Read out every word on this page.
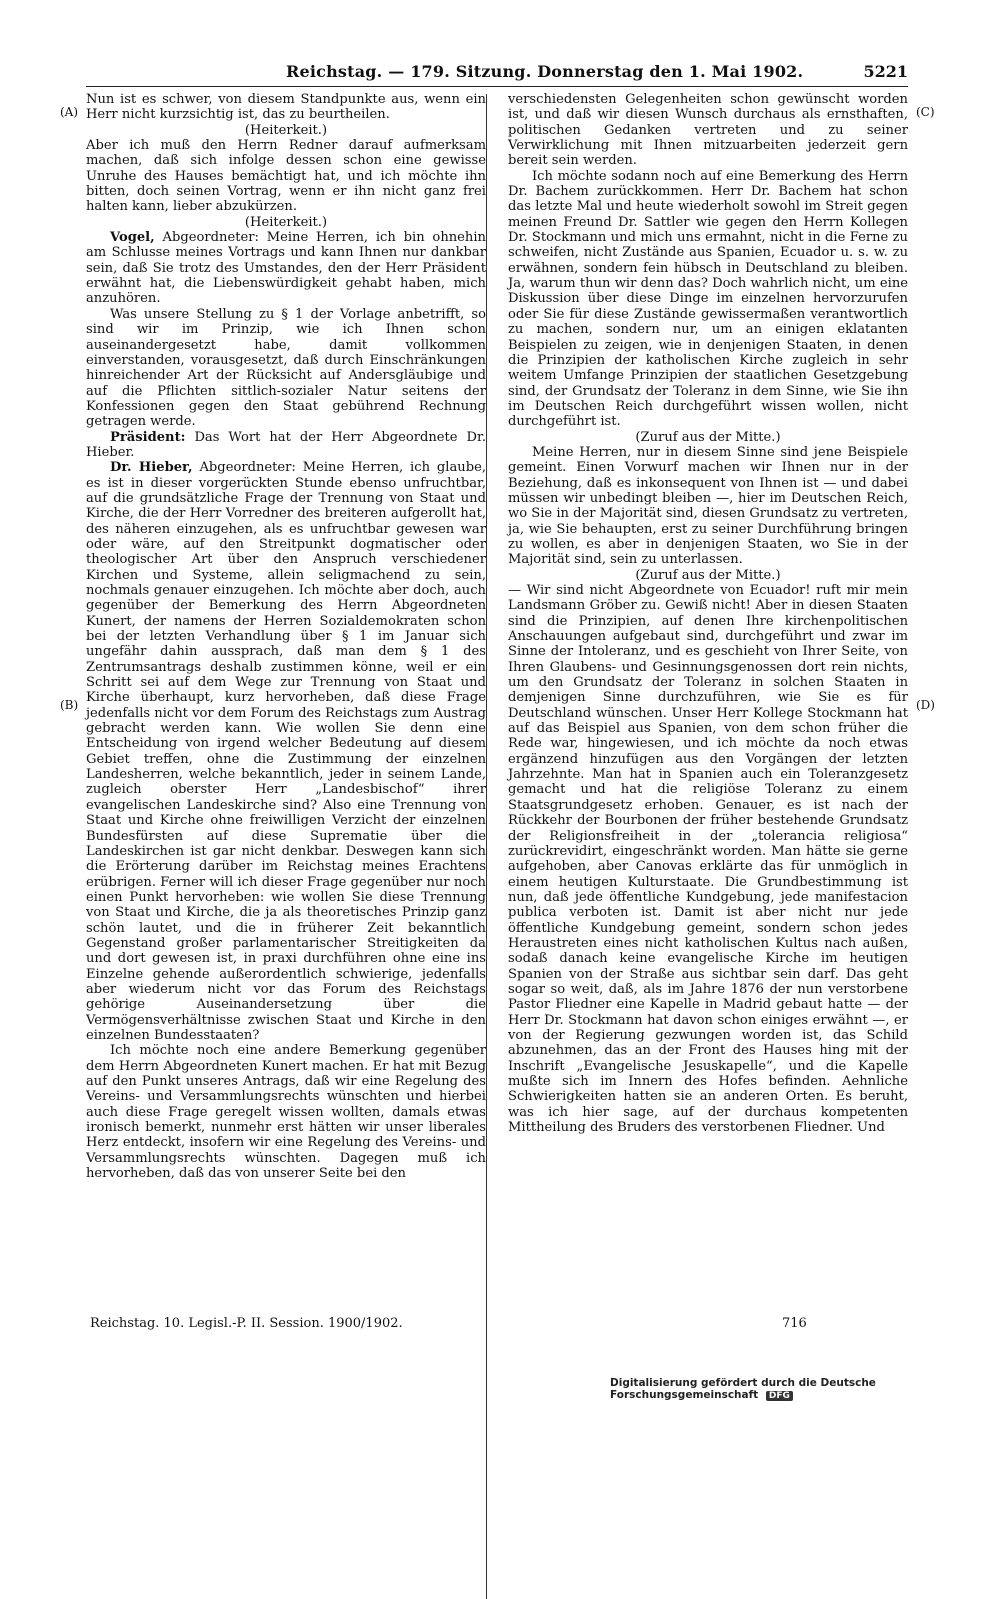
Reichstag. — 179. Sitzung. Donnerstag den 1. Mai 1902.	5221
(A)
(B)
(C)
(D)

Nun ist es schwer, von diesem Standpunkte aus, wenn ein Herr nicht kurzsichtig ist, das zu beurtheilen.

(Heiterkeit.)

Aber ich muß den Herrn Redner darauf aufmerksam machen, daß sich infolge dessen schon eine gewisse Unruhe des Hauses bemächtigt hat, und ich möchte ihn bitten, doch seinen Vortrag, wenn er ihn nicht ganz frei halten kann, lieber abzukürzen.

(Heiterkeit.)

Vogel, Abgeordneter: Meine Herren, ich bin ohnehin am Schlusse meines Vortrags und kann Ihnen nur dankbar sein, daß Sie trotz des Umstandes, den der Herr Präsident erwähnt hat, die Liebenswürdigkeit gehabt haben, mich anzuhören.

Was unsere Stellung zu § 1 der Vorlage anbetrifft, so sind wir im Prinzip, wie ich Ihnen schon auseinandergesetzt habe, damit vollkommen einverstanden, vorausgesetzt, daß durch Einschränkungen hinreichender Art der Rücksicht auf Andersgläubige und auf die Pflichten sittlich-sozialer Natur seitens der Konfessionen gegen den Staat gebührend Rechnung getragen werde.

Präsident: Das Wort hat der Herr Abgeordnete Dr. Hieber.

Dr. Hieber, Abgeordneter: Meine Herren, ich glaube, es ist in dieser vorgerückten Stunde ebenso unfruchtbar, auf die grundsätzliche Frage der Trennung von Staat und Kirche, die der Herr Vorredner des breiteren aufgerollt hat, des näheren einzugehen, als es unfruchtbar gewesen war oder wäre, auf den Streitpunkt dogmatischer oder theologischer Art über den Anspruch verschiedener Kirchen und Systeme, allein seligmachend zu sein, nochmals genauer einzugehen. Ich möchte aber doch, auch gegenüber der Bemerkung des Herrn Abgeordneten Kunert, der namens der Herren Sozialdemokraten schon bei der letzten Verhandlung über § 1 im Januar sich ungefähr dahin aussprach, daß man dem § 1 des Zentrumsantrags deshalb zustimmen könne, weil er ein Schritt sei auf dem Wege zur Trennung von Staat und Kirche überhaupt, kurz hervorheben, daß diese Frage jedenfalls nicht vor dem Forum des Reichstags zum Austrag gebracht werden kann. Wie wollen Sie denn eine Entscheidung von irgend welcher Bedeutung auf diesem Gebiet treffen, ohne die Zustimmung der einzelnen Landesherren, welche bekanntlich, jeder in seinem Lande, zugleich oberster Herr „Landesbischof“ ihrer evangelischen Landeskirche sind? Also eine Trennung von Staat und Kirche ohne freiwilligen Verzicht der einzelnen Bundesfürsten auf diese Suprematie über die Landeskirchen ist gar nicht denkbar. Deswegen kann sich die Erörterung darüber im Reichstag meines Erachtens erübrigen. Ferner will ich dieser Frage gegenüber nur noch einen Punkt hervorheben: wie wollen Sie diese Trennung von Staat und Kirche, die ja als theoretisches Prinzip ganz schön lautet, und die in früherer Zeit bekanntlich Gegenstand großer parlamentarischer Streitigkeiten da und dort gewesen ist, in praxi durchführen ohne eine ins Einzelne gehende außerordentlich schwierige, jedenfalls aber wiederum nicht vor das Forum des Reichstags gehörige Auseinandersetzung über die Vermögensverhältnisse zwischen Staat und Kirche in den einzelnen Bundesstaaten?

Ich möchte noch eine andere Bemerkung gegenüber dem Herrn Abgeordneten Kunert machen. Er hat mit Bezug auf den Punkt unseres Antrags, daß wir eine Regelung des Vereins- und Versammlungsrechts wünschten und hierbei auch diese Frage geregelt wissen wollten, damals etwas ironisch bemerkt, nunmehr erst hätten wir unser liberales Herz entdeckt, insofern wir eine Regelung des Vereins- und Versammlungsrechts wünschten. Dagegen muß ich hervorheben, daß das von unserer Seite bei den

verschiedensten Gelegenheiten schon gewünscht worden ist, und daß wir diesen Wunsch durchaus als ernsthaften, politischen Gedanken vertreten und zu seiner Verwirklichung mit Ihnen mitzuarbeiten jederzeit gern bereit sein werden.

Ich möchte sodann noch auf eine Bemerkung des Herrn Dr. Bachem zurückkommen. Herr Dr. Bachem hat schon das letzte Mal und heute wiederholt sowohl im Streit gegen meinen Freund Dr. Sattler wie gegen den Herrn Kollegen Dr. Stockmann und mich uns ermahnt, nicht in die Ferne zu schweifen, nicht Zustände aus Spanien, Ecuador u. s. w. zu erwähnen, sondern fein hübsch in Deutschland zu bleiben. Ja, warum thun wir denn das? Doch wahrlich nicht, um eine Diskussion über diese Dinge im einzelnen hervorzurufen oder Sie für diese Zustände gewissermaßen verantwortlich zu machen, sondern nur, um an einigen eklatanten Beispielen zu zeigen, wie in denjenigen Staaten, in denen die Prinzipien der katholischen Kirche zugleich in sehr weitem Umfange Prinzipien der staatlichen Gesetzgebung sind, der Grundsatz der Toleranz in dem Sinne, wie Sie ihn im Deutschen Reich durchgeführt wissen wollen, nicht durchgeführt ist.

(Zuruf aus der Mitte.)

Meine Herren, nur in diesem Sinne sind jene Beispiele gemeint. Einen Vorwurf machen wir Ihnen nur in der Beziehung, daß es inkonsequent von Ihnen ist — und dabei müssen wir unbedingt bleiben —, hier im Deutschen Reich, wo Sie in der Majorität sind, diesen Grundsatz zu vertreten, ja, wie Sie behaupten, erst zu seiner Durchführung bringen zu wollen, es aber in denjenigen Staaten, wo Sie in der Majorität sind, sein zu unterlassen.

(Zuruf aus der Mitte.)

— Wir sind nicht Abgeordnete von Ecuador! ruft mir mein Landsmann Gröber zu. Gewiß nicht! Aber in diesen Staaten sind die Prinzipien, auf denen Ihre kirchenpolitischen Anschauungen aufgebaut sind, durchgeführt und zwar im Sinne der Intoleranz, und es geschieht von Ihrer Seite, von Ihren Glaubens- und Gesinnungsgenossen dort rein nichts, um den Grundsatz der Toleranz in solchen Staaten in demjenigen Sinne durchzuführen, wie Sie es für Deutschland wünschen. Unser Herr Kollege Stockmann hat auf das Beispiel aus Spanien, von dem schon früher die Rede war, hingewiesen, und ich möchte da noch etwas ergänzend hinzufügen aus den Vorgängen der letzten Jahrzehnte. Man hat in Spanien auch ein Toleranzgesetz gemacht und hat die religiöse Toleranz zu einem Staatsgrundgesetz erhoben. Genauer, es ist nach der Rückkehr der Bourbonen der früher bestehende Grundsatz der Religionsfreiheit in der „tolerancia religiosa“ zurückrevidirt, eingeschränkt worden. Man hätte sie gerne aufgehoben, aber Canovas erklärte das für unmöglich in einem heutigen Kulturstaate. Die Grundbestimmung ist nun, daß jede öffentliche Kundgebung, jede manifestacion publica verboten ist. Damit ist aber nicht nur jede öffentliche Kundgebung gemeint, sondern schon jedes Heraustreten eines nicht katholischen Kultus nach außen, sodaß danach keine evangelische Kirche im heutigen Spanien von der Straße aus sichtbar sein darf. Das geht sogar so weit, daß, als im Jahre 1876 der nun verstorbene Pastor Fliedner eine Kapelle in Madrid gebaut hatte — der Herr Dr. Stockmann hat davon schon einiges erwähnt —, er von der Regierung gezwungen worden ist, das Schild abzunehmen, das an der Front des Hauses hing mit der Inschrift „Evangelische Jesuskapelle“, und die Kapelle mußte sich im Innern des Hofes befinden. Aehnliche Schwierigkeiten hatten sie an anderen Orten. Es beruht, was ich hier sage, auf der durchaus kompetenten Mittheilung des Bruders des verstorbenen Fliedner. Und

Reichstag. 10. Legisl.-P. II. Session. 1900/1902.	716
Digitalisierung gefördert durch die Deutsche Forschungsgemeinschaft DFG
